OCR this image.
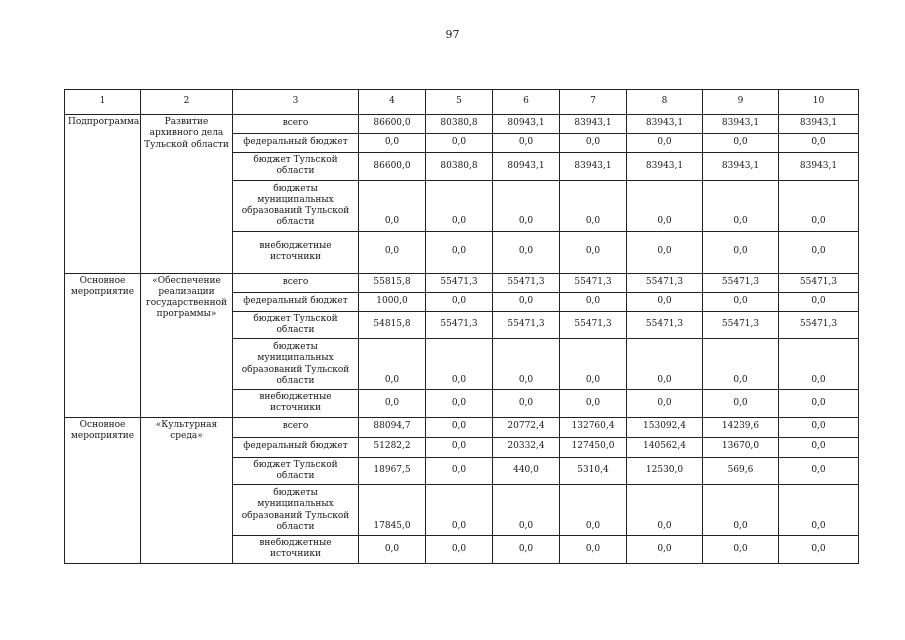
97
1	2	3	4	5	6	7	8	9	10
Подпрограмма	Развитие архивного дела Тульской области	всего	86600,0	80380,8	80943,1	83943,1	83943,1	83943,1	83943,1
		федеральный бюджет	0,0	0,0	0,0	0,0	0,0	0,0	0,0
		бюджет Тульской области	86600,0	80380,8	80943,1	83943,1	83943,1	83943,1	83943,1
		бюджеты муниципальных образований Тульской области	0,0	0,0	0,0	0,0	0,0	0,0	0,0
		внебюджетные источники	0,0	0,0	0,0	0,0	0,0	0,0	0,0
Основное мероприятие	«Обеспечение реализации государственной программы»	всего	55815,8	55471,3	55471,3	55471,3	55471,3	55471,3	55471,3
		федеральный бюджет	1000,0	0,0	0,0	0,0	0,0	0,0	0,0
		бюджет Тульской области	54815,8	55471,3	55471,3	55471,3	55471,3	55471,3	55471,3
		бюджеты муниципальных образований Тульской области	0,0	0,0	0,0	0,0	0,0	0,0	0,0
		внебюджетные источники	0,0	0,0	0,0	0,0	0,0	0,0	0,0
Основное мероприятие	«Культурная среда»	всего	88094,7	0,0	20772,4	132760,4	153092,4	14239,6	0,0
		федеральный бюджет	51282,2	0,0	20332,4	127450,0	140562,4	13670,0	0,0
		бюджет Тульской области	18967,5	0,0	440,0	5310,4	12530,0	569,6	0,0
		бюджеты муниципальных образований Тульской области	17845,0	0,0	0,0	0,0	0,0	0,0	0,0
		внебюджетные источники	0,0	0,0	0,0	0,0	0,0	0,0	0,0
